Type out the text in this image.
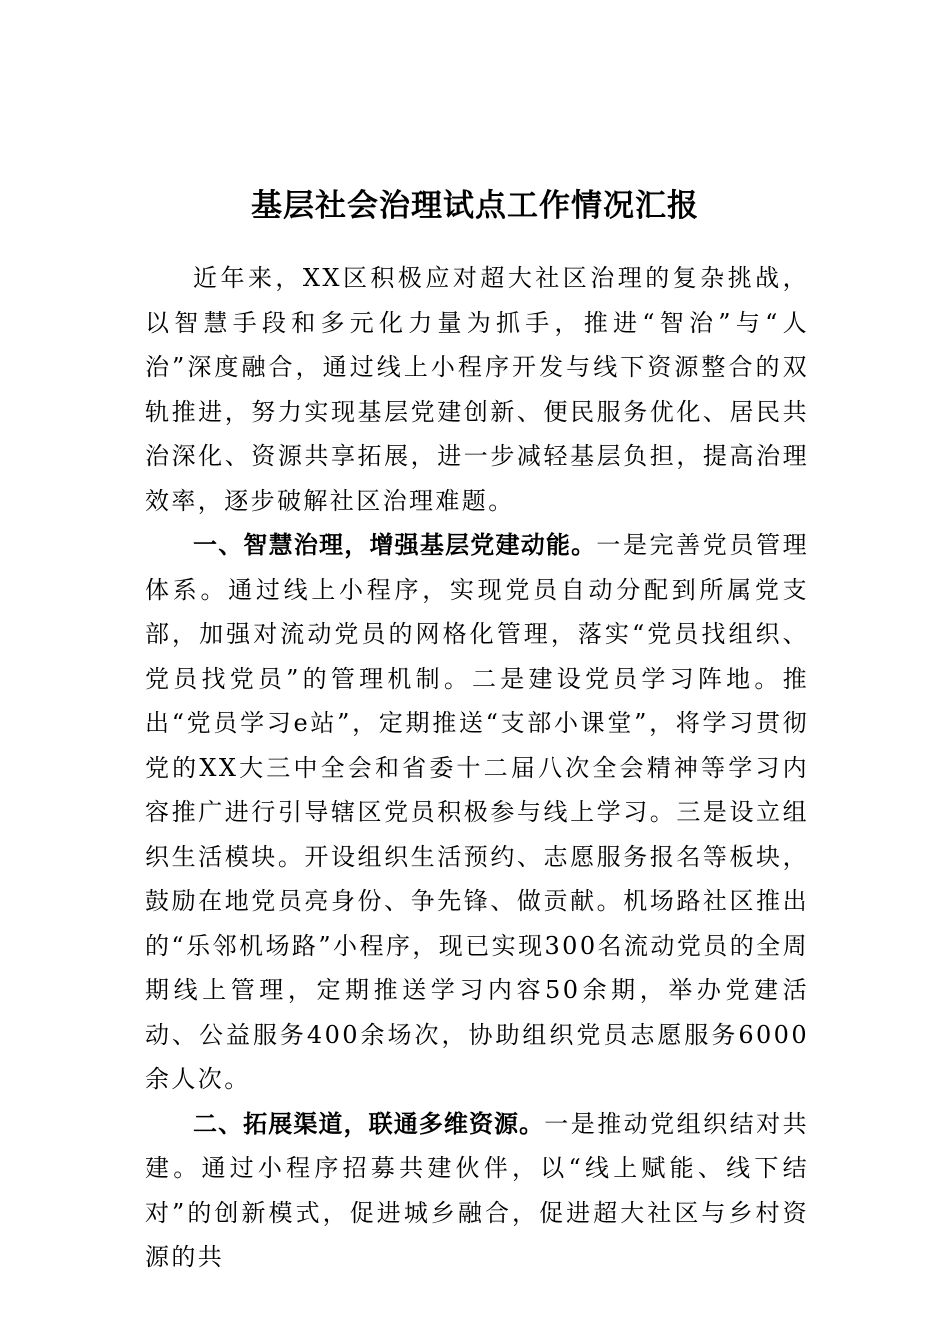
基层社会治理试点工作情况汇报

近年来，XX区积极应对超大社区治理的复杂挑战，以智慧手段和多元化力量为抓手，推进“智治”与“人治”深度融合，通过线上小程序开发与线下资源整合的双轨推进，努力实现基层党建创新、便民服务优化、居民共治深化、资源共享拓展，进一步减轻基层负担，提高治理效率，逐步破解社区治理难题。

一、智慧治理，增强基层党建动能。一是完善党员管理体系。通过线上小程序，实现党员自动分配到所属党支部，加强对流动党员的网格化管理，落实“党员找组织、党员找党员”的管理机制。二是建设党员学习阵地。推出“党员学习e站”，定期推送“支部小课堂”，将学习贯彻党的XX大三中全会和省委十二届八次全会精神等学习内容推广进行引导辖区党员积极参与线上学习。三是设立组织生活模块。开设组织生活预约、志愿服务报名等板块，鼓励在地党员亮身份、争先锋、做贡献。机场路社区推出的“乐邻机场路”小程序，现已实现300名流动党员的全周期线上管理，定期推送学习内容50余期，举办党建活动、公益服务400余场次，协助组织党员志愿服务6000余人次。

二、拓展渠道，联通多维资源。一是推动党组织结对共建。通过小程序招募共建伙伴，以“线上赋能、线下结对”的创新模式，促进城乡融合，促进超大社区与乡村资源的共
